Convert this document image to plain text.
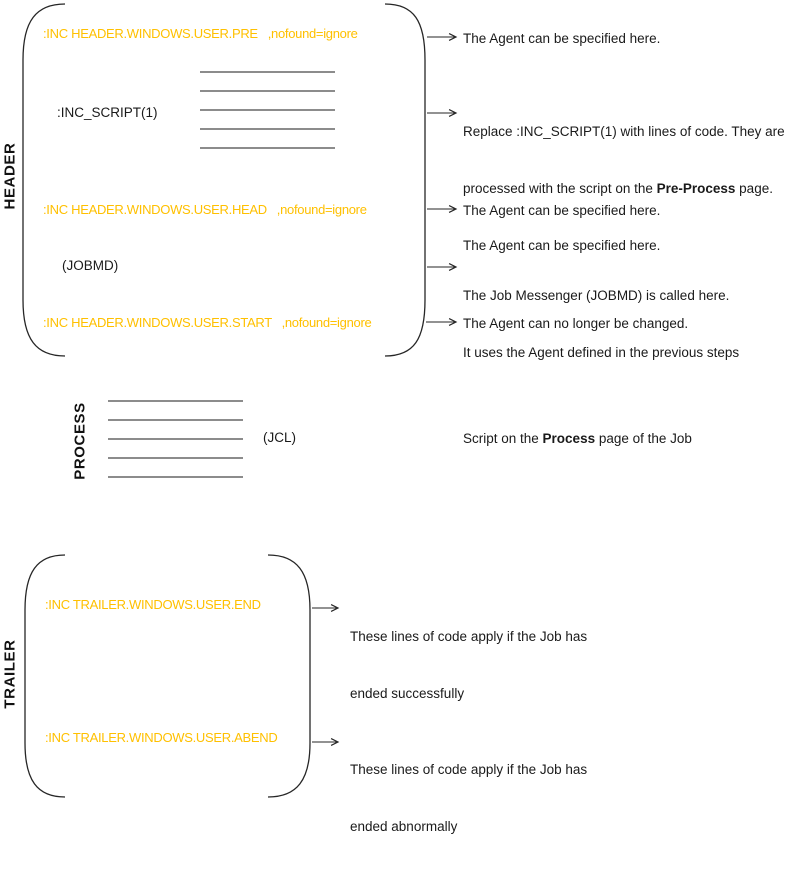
HEADER
PROCESS
TRAILER
:INC HEADER.WINDOWS.USER.PRE   ,nofound=ignore
:INC_SCRIPT(1)
:INC HEADER.WINDOWS.USER.HEAD   ,nofound=ignore
(JOBMD)
:INC HEADER.WINDOWS.USER.START   ,nofound=ignore
The Agent can be specified here.

Replace :INC_SCRIPT(1) with lines of code. They are

processed with the script on the Pre-Process page.

The Agent can be specified here.

The Agent can be specified here.

The Job Messenger (JOBMD) is called here.

It uses the Agent defined in the previous steps

The Agent can no longer be changed.
(JCL)	Script on the Process page of the Job
:INC TRAILER.WINDOWS.USER.END
:INC TRAILER.WINDOWS.USER.ABEND

These lines of code apply if the Job has

ended successfully

These lines of code apply if the Job has

ended abnormally
